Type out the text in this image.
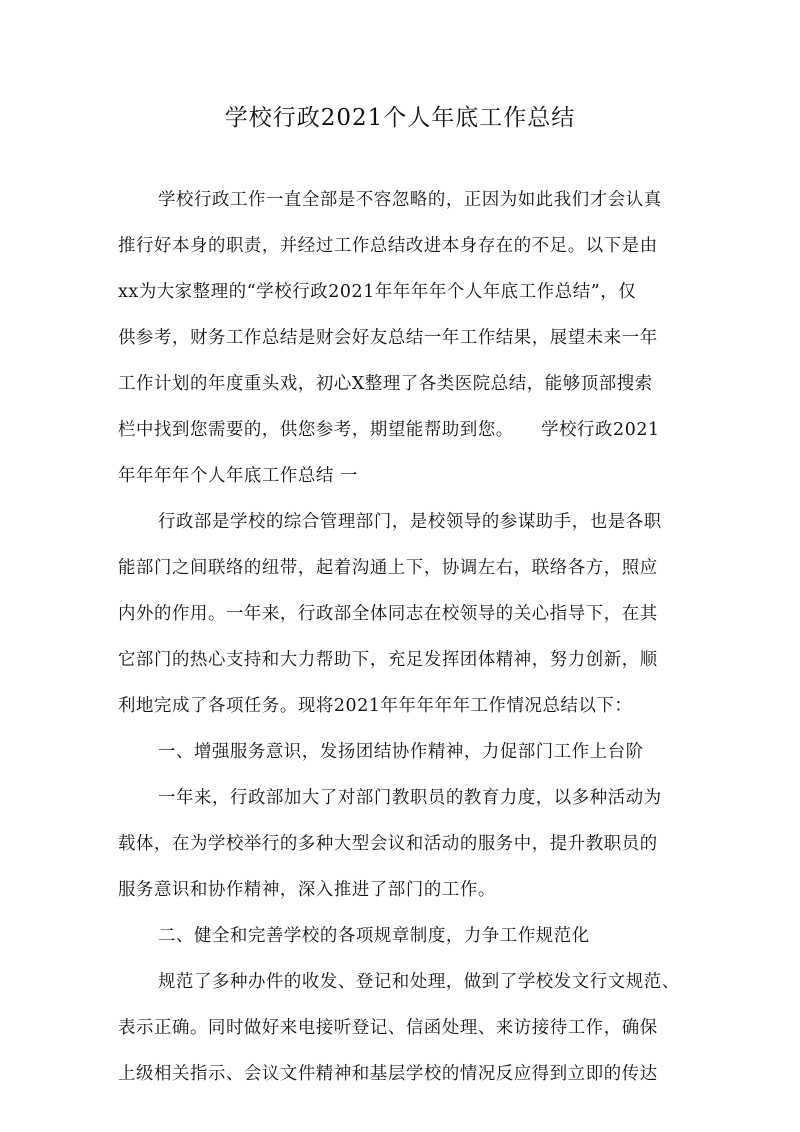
学校行政2021个人年底工作总结
学校行政工作一直全部是不容忽略的，正因为如此我们才会认真
推行好本身的职责，并经过工作总结改进本身存在的不足。以下是由
xx为大家整理的“学校行政2021年年年年个人年底工作总结”，仅
供参考，财务工作总结是财会好友总结一年工作结果，展望未来一年
工作计划的年度重头戏，初心X整理了各类医院总结，能够顶部搜索
栏中找到您需要的，供您参考，期望能帮助到您。　　学校行政2021
年年年年个人年底工作总结 一
行政部是学校的综合管理部门，是校领导的参谋助手，也是各职
能部门之间联络的纽带，起着沟通上下，协调左右，联络各方，照应
内外的作用。一年来，行政部全体同志在校领导的关心指导下，在其
它部门的热心支持和大力帮助下，充足发挥团体精神，努力创新，顺
利地完成了各项任务。现将2021年年年年年工作情况总结以下：
一、增强服务意识，发扬团结协作精神，力促部门工作上台阶
一年来，行政部加大了对部门教职员的教育力度，以多种活动为
载体，在为学校举行的多种大型会议和活动的服务中，提升教职员的
服务意识和协作精神，深入推进了部门的工作。
二、健全和完善学校的各项规章制度，力争工作规范化
规范了多种办件的收发、登记和处理，做到了学校发文行文规范、
表示正确。同时做好来电接听登记、信函处理、来访接待工作，确保
上级相关指示、会议文件精神和基层学校的情况反应得到立即的传达
